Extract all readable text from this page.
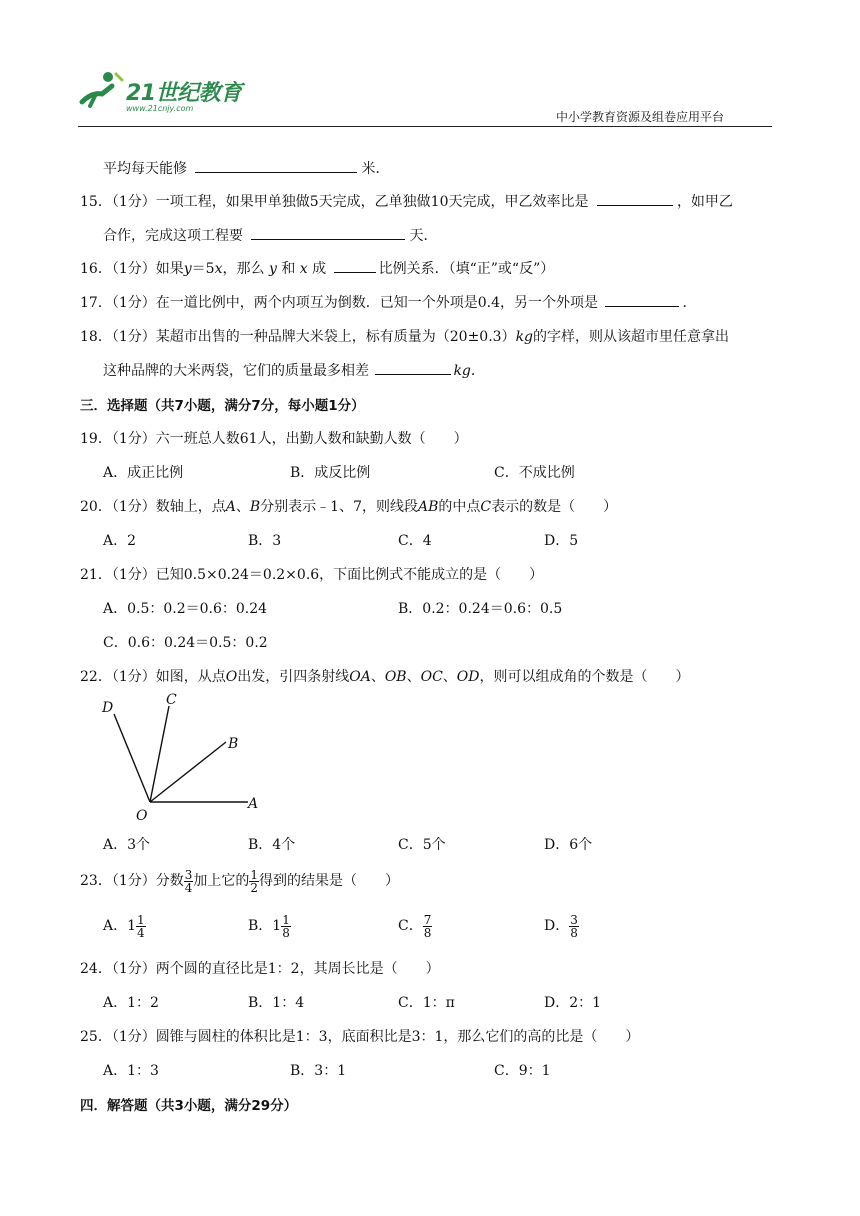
21世纪教育
www.21cnjy.com
中小学教育资源及组卷应用平台
平均每天能修	米．
15．（1分）一项工程，如果甲单独做5天完成，乙单独做10天完成，甲乙效率比是	，如甲乙
合作，完成这项工程要	天．
16．（1分）如果y＝5x，那么 y 和 x 成	比例关系．（填“正”或“反”）
17．（1分）在一道比例中，两个内项互为倒数．已知一个外项是0.4，另一个外项是	．
18．（1分）某超市出售的一种品牌大米袋上，标有质量为（20±0.3）kg的字样，则从该超市里任意拿出
这种品牌的大米两袋，它们的质量最多相差	kg．
三．选择题（共7小题，满分7分，每小题1分）
19．（1分）六一班总人数61人，出勤人数和缺勤人数（　　）
A．成正比例	B．成反比例	C．不成比例
20．（1分）数轴上，点A、B分别表示﹣1、7，则线段AB的中点C表示的数是（　　）
A．2	B．3	C．4	D．5
21．（1分）已知0.5×0.24＝0.2×0.6，下面比例式不能成立的是（　　）
A．0.5：0.2＝0.6：0.24	B．0.2：0.24＝0.6：0.5
C．0.6：0.24＝0.5：0.2
22．（1分）如图，从点O出发，引四条射线OA、OB、OC、OD，则可以组成角的个数是（　　）
D	C
B
O
A
A．3个	B．4个	C．5个	D．6个
23．（1分）分数 $\frac{3}{4}$ 加上它的 $\frac{1}{2}$ 得到的结果是（　　）
A．$1 \frac{1}{4}$	B．$1 \frac{1}{8}$	C． $\frac{7}{8}$	D． $\frac{3}{8}$
24．（1分）两个圆的直径比是1：2，其周长比是（　　）
A．1：2	B．1：4	C．1：π	D．2：1
25．（1分）圆锥与圆柱的体积比是1：3，底面积比是3：1，那么它们的高的比是（　　）
A．1：3	B．3：1	C．9：1
四．解答题（共3小题，满分29分）
